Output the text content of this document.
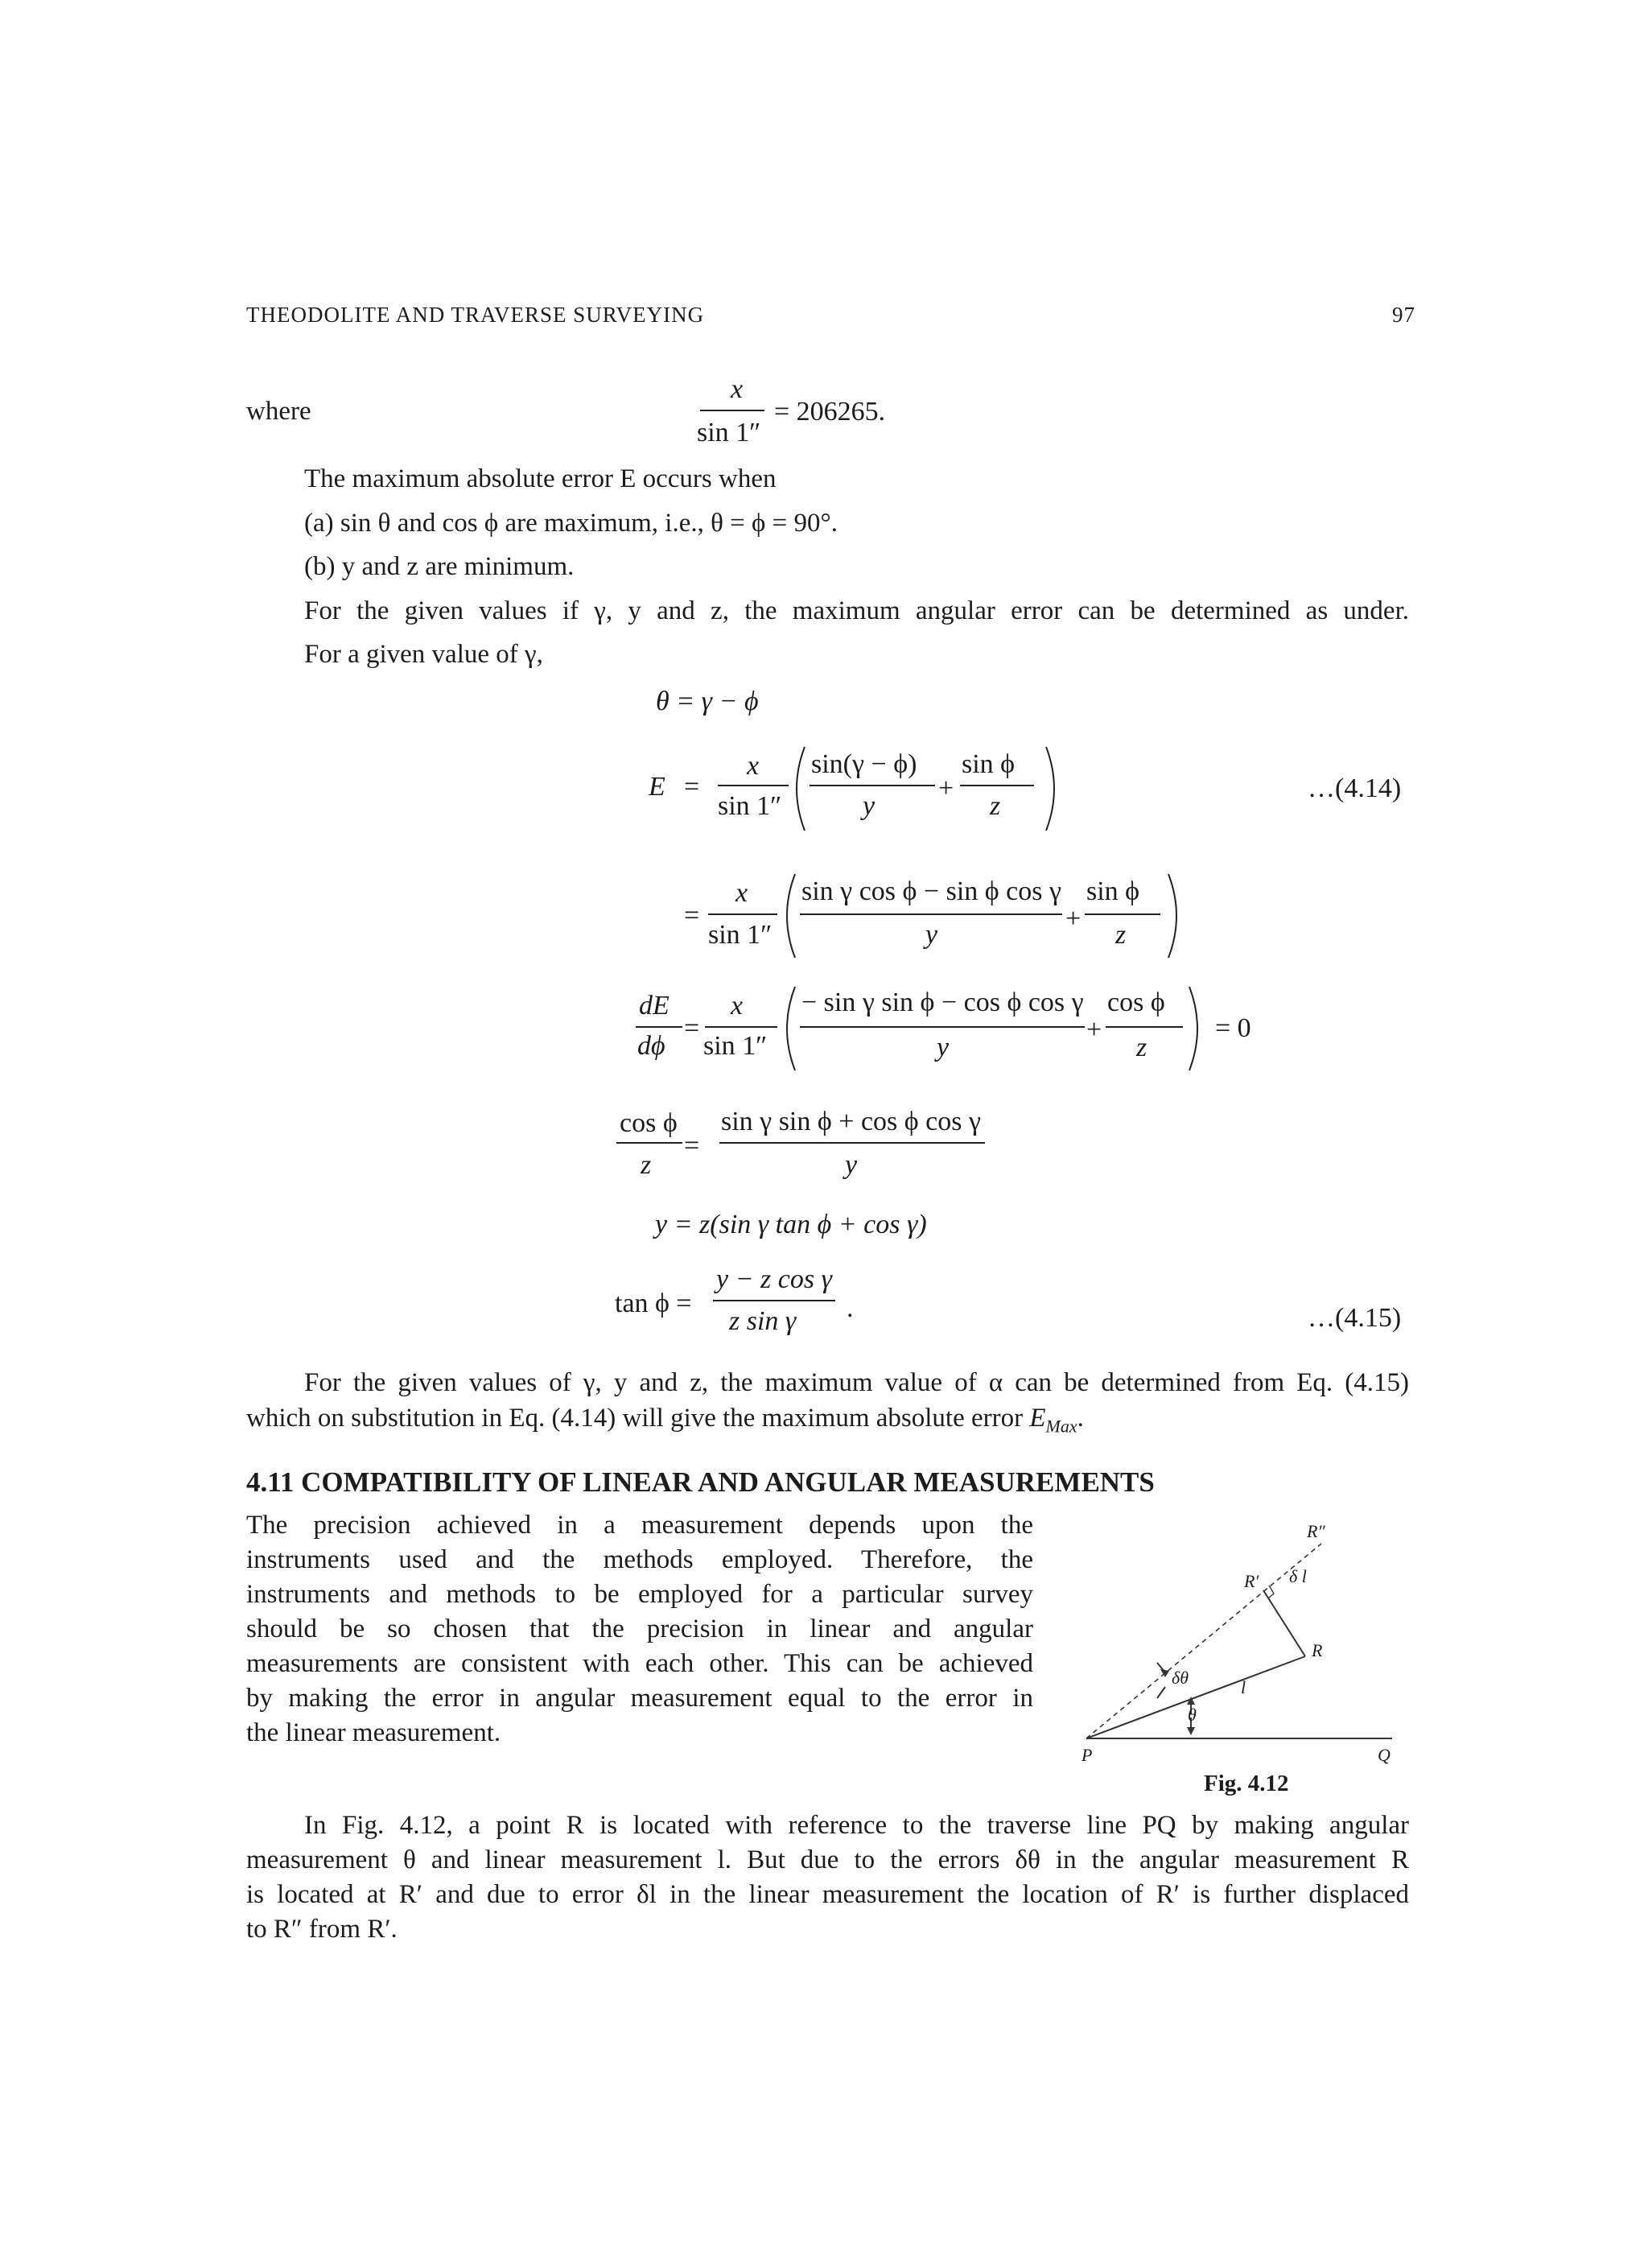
THEODOLITE AND TRAVERSE SURVEYING	97
where
x
sin 1″
= 206265.
The maximum absolute error E occurs when
(a) sin θ and cos ϕ are maximum, i.e., θ = ϕ = 90°.
(b) y and z are minimum.
For the given values if γ, y and z, the maximum angular error can be determined as under.
For a given value of γ,
θ = γ − ϕ
E =
x
sin 1″
sin(γ − ϕ)
y
+
sin ϕ
z
…(4.14)
=
x
sin 1″
sin γ cos ϕ − sin ϕ cos γ
y
+
sin ϕ
z
dE
dϕ
=
x
sin 1″
− sin γ sin ϕ − cos ϕ cos γ
y
+
cos ϕ
z
= 0
cos ϕ
z
=
sin γ sin ϕ + cos ϕ cos γ
y
y = z(sin γ tan ϕ + cos γ)
tan ϕ =
y − z cos γ
z sin γ .	…(4.15)
For the given values of γ, y and z, the maximum value of α can be determined from Eq. (4.15)
which on substitution in Eq. (4.14) will give the maximum absolute error $E_{Max}$.
4.11 COMPATIBILITY OF LINEAR AND ANGULAR MEASUREMENTS
The precision achieved in a measurement depends upon the
instruments used and the methods employed. Therefore, the
instruments and methods to be employed for a particular survey
should be so chosen that the precision in linear and angular
measurements are consistent with each other. This can be achieved
by making the error in angular measurement equal to the error in
the linear measurement.
P	Q
R
R′
R″
δ l
l
δθ
θ
Fig. 4.12
In Fig. 4.12, a point R is located with reference to the traverse line PQ by making angular
measurement θ and linear measurement l. But due to the errors δθ in the angular measurement R
is located at R′ and due to error δl in the linear measurement the location of R′ is further displaced
to R″ from R′.
